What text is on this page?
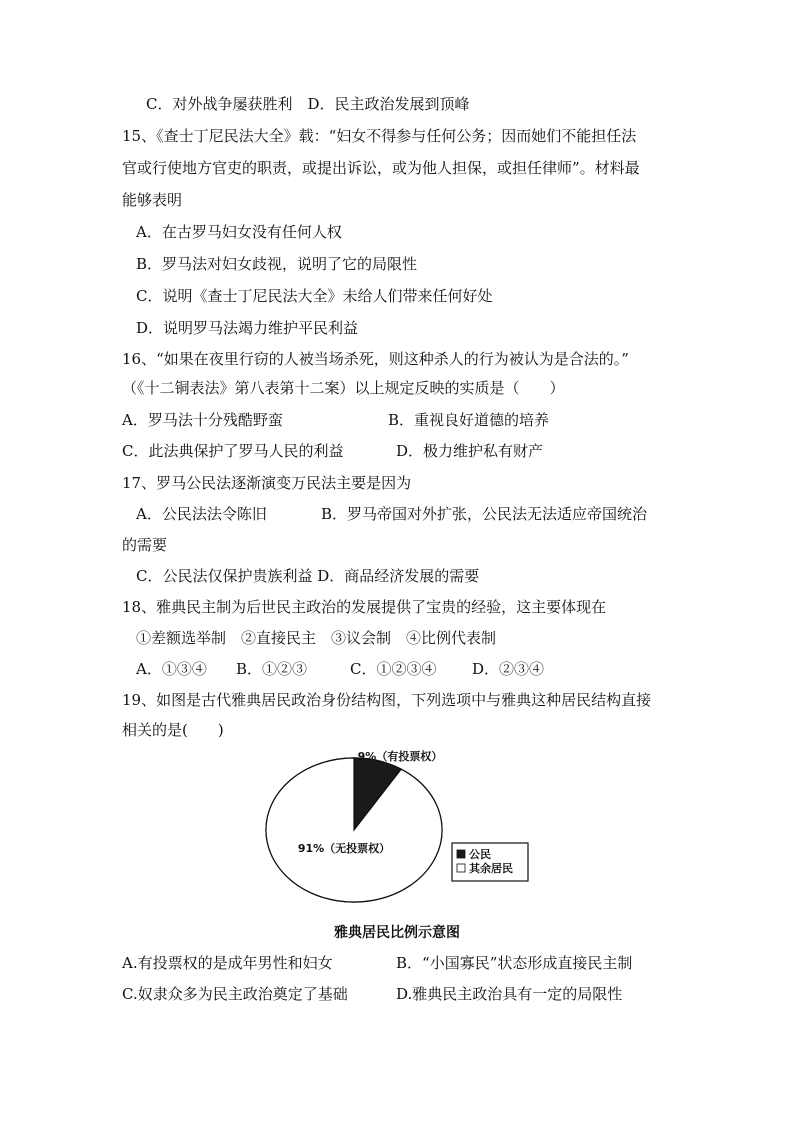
C．对外战争屡获胜利　D．民主政治发展到顶峰
15、《查士丁尼民法大全》载：“妇女不得参与任何公务；因而她们不能担任法
官或行使地方官吏的职责，或提出诉讼，或为他人担保，或担任律师”。材料最
能够表明
A．在古罗马妇女没有任何人权
B．罗马法对妇女歧视，说明了它的局限性
C．说明《查士丁尼民法大全》未给人们带来任何好处
D．说明罗马法竭力维护平民利益
16、“如果在夜里行窃的人被当场杀死，则这种杀人的行为被认为是合法的。”
（《十二铜表法》第八表第十二案）以上规定反映的实质是（　　）
A．罗马法十分残酷野蛮	B．重视良好道德的培养
C．此法典保护了罗马人民的利益	D．极力维护私有财产
17、罗马公民法逐渐演变万民法主要是因为
A．公民法法令陈旧	B．罗马帝国对外扩张，公民法无法适应帝国统治
的需要
C．公民法仅保护贵族利益 D．商品经济发展的需要
18、雅典民主制为后世民主政治的发展提供了宝贵的经验，这主要体现在
①差额选举制　②直接民主　③议会制　④比例代表制
A．①③④ B．①②③	C．①②③④ D．②③④
19、如图是古代雅典居民政治身份结构图，下列选项中与雅典这种居民结构直接
相关的是(　　)
9%（有投票权）
91%（无投票权）	公民
其余居民
雅典居民比例示意图
A.有投票权的是成年男性和妇女	B．“小国寡民”状态形成直接民主制
C.奴隶众多为民主政治奠定了基础	D.雅典民主政治具有一定的局限性
